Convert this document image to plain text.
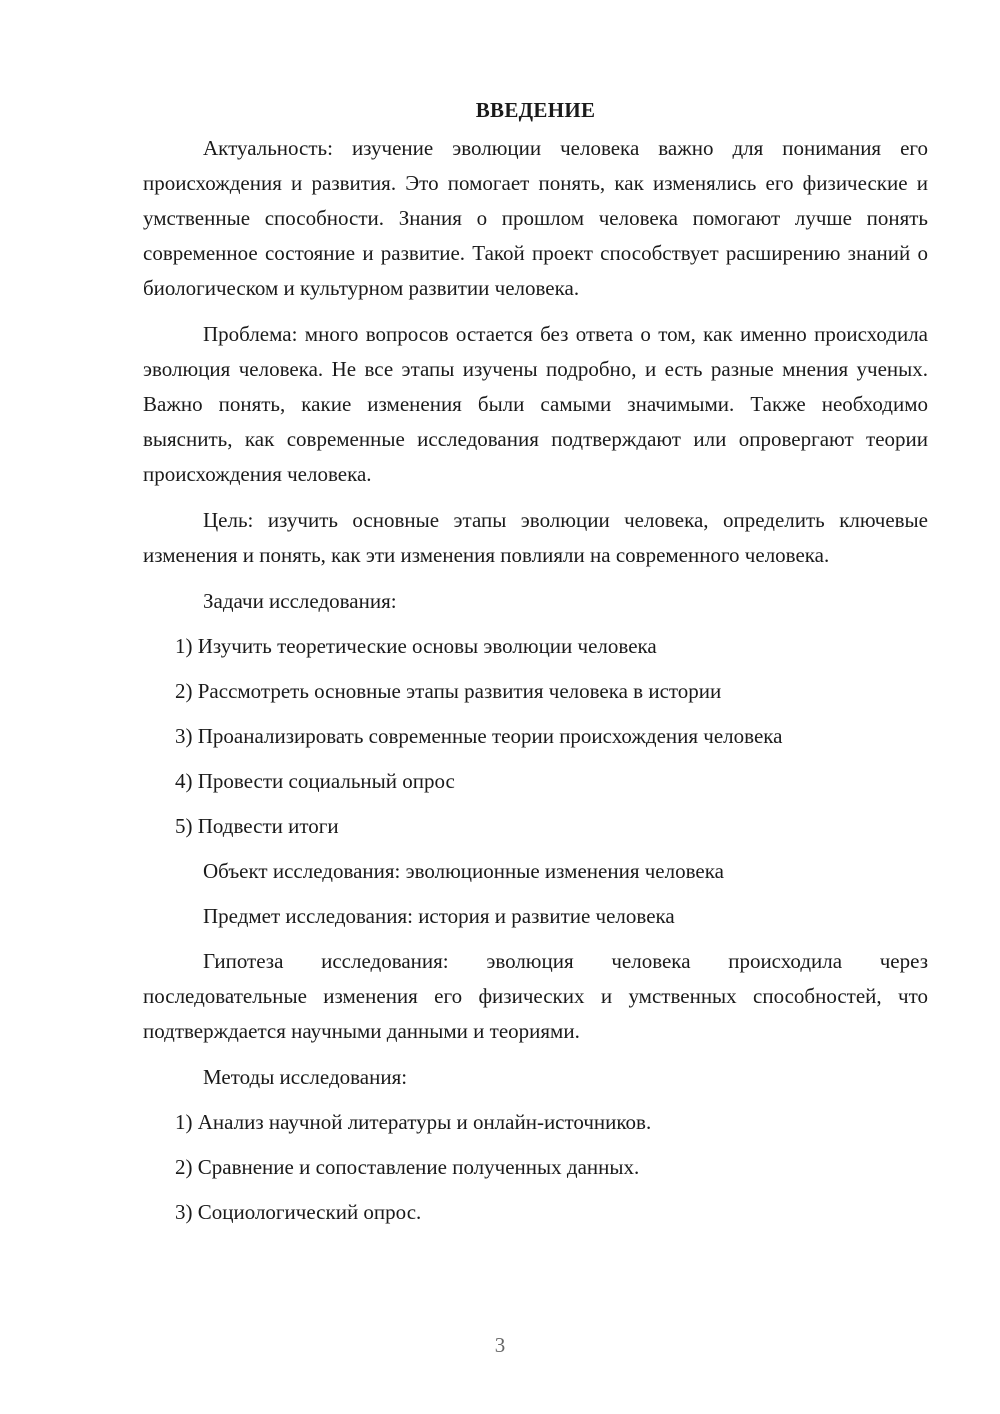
ВВЕДЕНИЕ

Актуальность: изучение эволюции человека важно для понимания его происхождения и развития. Это помогает понять, как изменялись его физические и умственные способности. Знания о прошлом человека помогают лучше понять современное состояние и развитие. Такой проект способствует расширению знаний о биологическом и культурном развитии человека.

Проблема: много вопросов остается без ответа о том, как именно происходила эволюция человека. Не все этапы изучены подробно, и есть разные мнения ученых. Важно понять, какие изменения были самыми значимыми. Также необходимо выяснить, как современные исследования подтверждают или опровергают теории происхождения человека.

Цель: изучить основные этапы эволюции человека, определить ключевые изменения и понять, как эти изменения повлияли на современного человека.

Задачи исследования:
1) Изучить теоретические основы эволюции человека
2) Рассмотреть основные этапы развития человека в истории
3) Проанализировать современные теории происхождения человека
4) Провести социальный опрос
5) Подвести итоги
Объект исследования: эволюционные изменения человека
Предмет исследования: история и развитие человека

Гипотеза исследования: эволюция человека происходила через последовательные изменения его физических и умственных способностей, что подтверждается научными данными и теориями.

Методы исследования:
1) Анализ научной литературы и онлайн-источников.
2) Сравнение и сопоставление полученных данных.
3) Социологический опрос.
3
